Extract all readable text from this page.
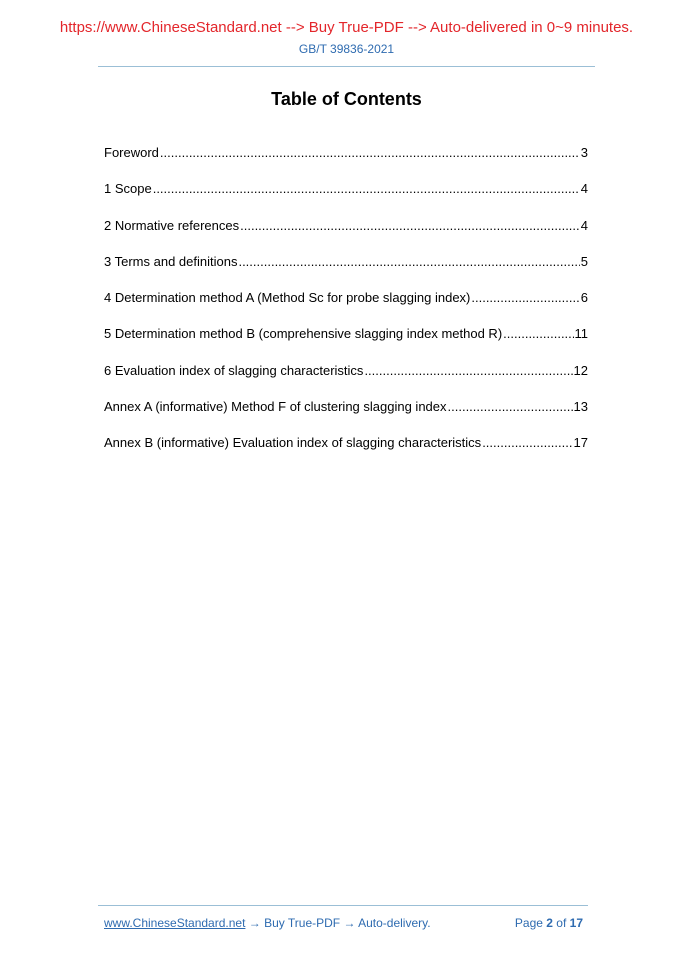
https://www.ChineseStandard.net --> Buy True-PDF --> Auto-delivered in 0~9 minutes.
GB/T 39836-2021
Table of Contents
Foreword .....	3
1 Scope .....	4
2 Normative references .....	4
3 Terms and definitions .....	5
4 Determination method A (Method Sc for probe slagging index) .....	6
5 Determination method B (comprehensive slagging index method R) .....	11
6 Evaluation index of slagging characteristics .....	12
Annex A (informative) Method F of clustering slagging index .....	13
Annex B (informative) Evaluation index of slagging characteristics .....	17
www.ChineseStandard.net → Buy True-PDF → Auto-delivery.	Page 2 of 17
